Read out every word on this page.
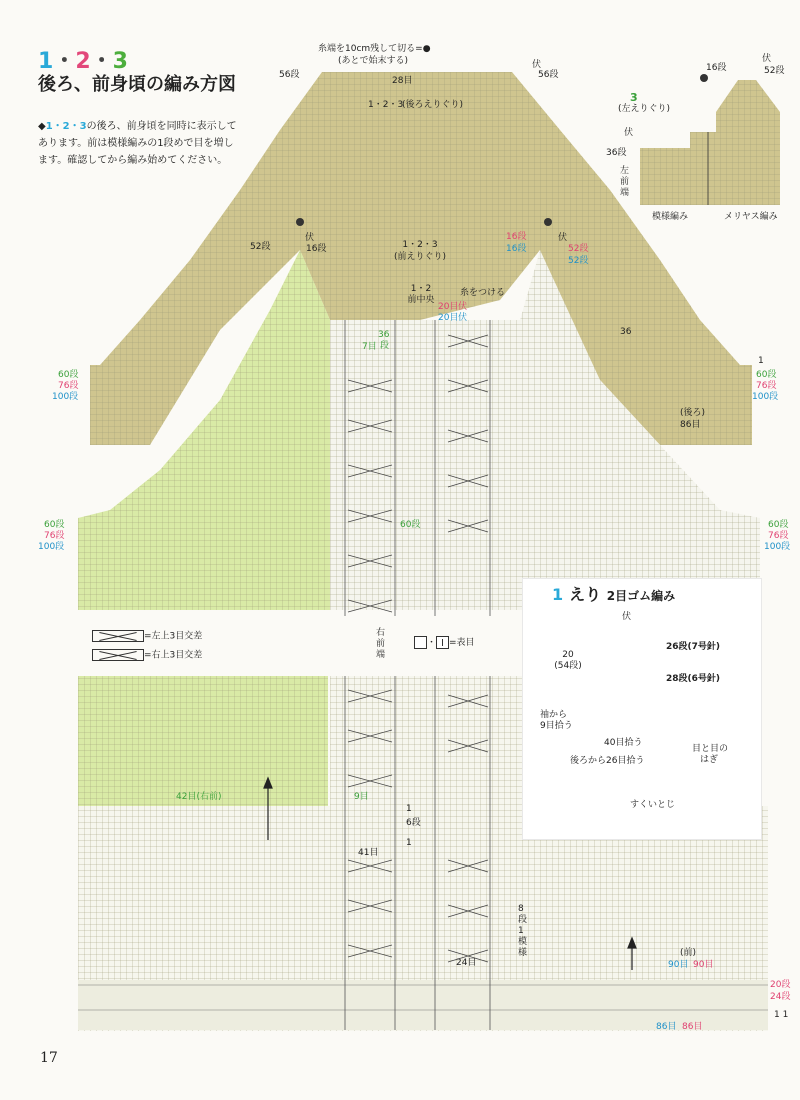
1・2・3
後ろ、前身頃の編み方図
◆1・2・3の後ろ、前身頃を同時に表示してあります。前は模様編みの1段めで目を増します。確認してから編み始めてください。
糸端を10cm残して切る=●
(あとで始末する)
56段	56段
28目
伏
1・2・3
(後ろえりぐり)
1・2・3
(前えりぐり)
52段
伏
16段
16段
16段
伏
52段
52段
1・2
前中央
糸をつける
20目
20目
伏
伏
36
36
段
7目
3
(左えりぐり)
16段
伏
52段
伏
36段
左
前
端
模様編み	メリヤス編み
60段
76段
100段
60段
76段
100段
1
(後ろ)
86目
60段
76段
100段
60段
76段
100段
60段
=左上3目交差
=右上3目交差
右
前
端
・ =表目
1 えり 2目ゴム編み
伏
20
(54段)
26段(7号針)
28段(6号針)
袖から
9目拾う
40目拾う
後ろから26目拾う
目と目の
はぎ
すくいとじ
42目(右前)	9目
41目
1
6段
1
8段1模様
24目
(前)
90目 90目
20段
24段
1 1
86目 86目
17
